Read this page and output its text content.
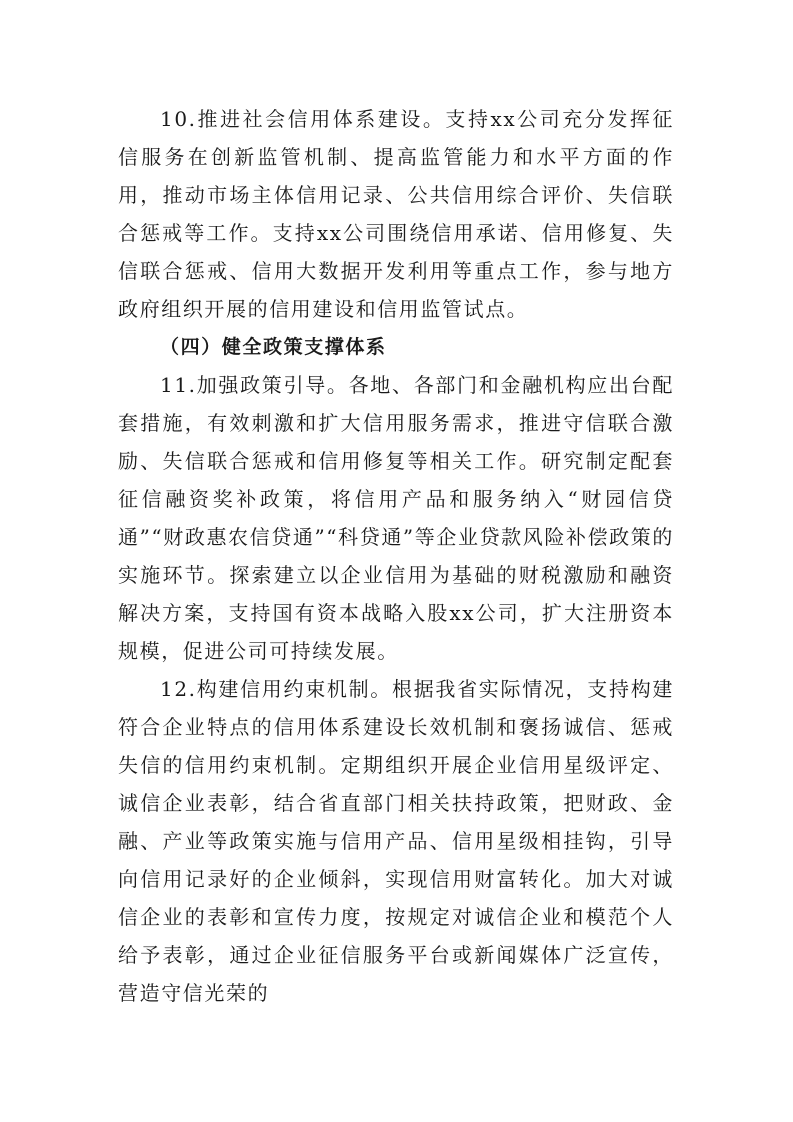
10.推进社会信用体系建设。支持xx公司充分发挥征信服务在创新监管机制、提高监管能力和水平方面的作用，推动市场主体信用记录、公共信用综合评价、失信联合惩戒等工作。支持xx公司围绕信用承诺、信用修复、失信联合惩戒、信用大数据开发利用等重点工作，参与地方政府组织开展的信用建设和信用监管试点。

（四）健全政策支撑体系

11.加强政策引导。各地、各部门和金融机构应出台配套措施，有效刺激和扩大信用服务需求，推进守信联合激励、失信联合惩戒和信用修复等相关工作。研究制定配套征信融资奖补政策，将信用产品和服务纳入“财园信贷通”“财政惠农信贷通”“科贷通”等企业贷款风险补偿政策的实施环节。探索建立以企业信用为基础的财税激励和融资解决方案，支持国有资本战略入股xx公司，扩大注册资本规模，促进公司可持续发展。

12.构建信用约束机制。根据我省实际情况，支持构建符合企业特点的信用体系建设长效机制和褒扬诚信、惩戒失信的信用约束机制。定期组织开展企业信用星级评定、诚信企业表彰，结合省直部门相关扶持政策，把财政、金融、产业等政策实施与信用产品、信用星级相挂钩，引导向信用记录好的企业倾斜，实现信用财富转化。加大对诚信企业的表彰和宣传力度，按规定对诚信企业和模范个人给予表彰，通过企业征信服务平台或新闻媒体广泛宣传，营造守信光荣的
